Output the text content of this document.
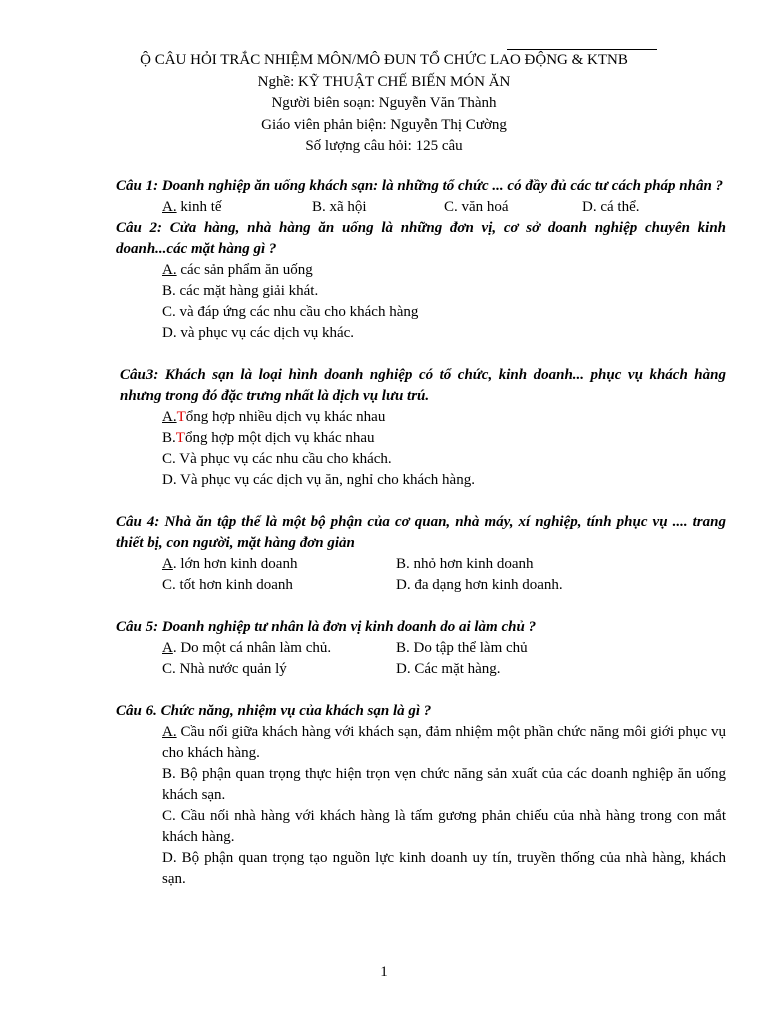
Ộ CÂU HỎI TRẮC NHIỆM MÔN/MÔ ĐUN TỔ CHỨC LAO ĐỘNG & KTNB
Nghề: KỸ THUẬT CHẾ BIẾN MÓN ĂN
Người biên soạn: Nguyễn Văn Thành
Giáo viên phản biện: Nguyễn Thị Cường
Số lượng câu hỏi: 125 câu
Câu 1: Doanh nghiệp ăn uống khách sạn: là những tổ chức ... có đầy đủ các tư cách pháp nhân ?
A. kinh tế	B. xã hội	C. văn hoá	D. cá thể.
Câu 2: Cửa hàng, nhà hàng ăn uống là những đơn vị, cơ sở doanh nghiệp chuyên kinh doanh...các mặt hàng gì ?
A. các sản phẩm ăn uống
B. các mặt hàng giải khát.
C. và đáp ứng các nhu cầu cho khách hàng
D. và phục vụ các dịch vụ khác.
Câu3: Khách sạn là loại hình doanh nghiệp có tổ chức, kinh doanh... phục vụ khách hàng nhưng trong đó đặc trưng nhất là dịch vụ lưu trú.
A.Tổng hợp nhiều dịch vụ khác nhau
B.Tổng hợp một dịch vụ khác nhau
C. Và phục vụ các nhu cầu cho khách.
D. Và phục vụ các dịch vụ ăn, nghỉ cho khách hàng.
Câu 4: Nhà ăn tập thể là một bộ phận của cơ quan, nhà máy, xí nghiệp, tính phục vụ .... trang thiết bị, con người, mặt hàng đơn giản
A. lớn hơn kinh doanh	B. nhỏ hơn kinh doanh
C. tốt hơn kinh doanh	D. đa dạng hơn kinh doanh.
Câu 5: Doanh nghiệp tư nhân là đơn vị kinh doanh do ai làm chủ ?
A. Do một cá nhân làm chủ.	B. Do tập thể làm chủ
C. Nhà nước quản lý	D. Các mặt hàng.
Câu 6. Chức năng, nhiệm vụ của khách sạn là gì ?
A. Cầu nối giữa khách hàng với khách sạn, đảm nhiệm một phần chức năng môi giới phục vụ cho khách hàng.
B. Bộ phận quan trọng thực hiện trọn vẹn chức năng sản xuất của các doanh nghiệp ăn uống khách sạn.
C. Cầu nối nhà hàng với khách hàng là tấm gương phản chiếu của nhà hàng trong con mắt khách hàng.
D. Bộ phận quan trọng tạo nguồn lực kinh doanh uy tín, truyền thống của nhà hàng, khách sạn.
1
